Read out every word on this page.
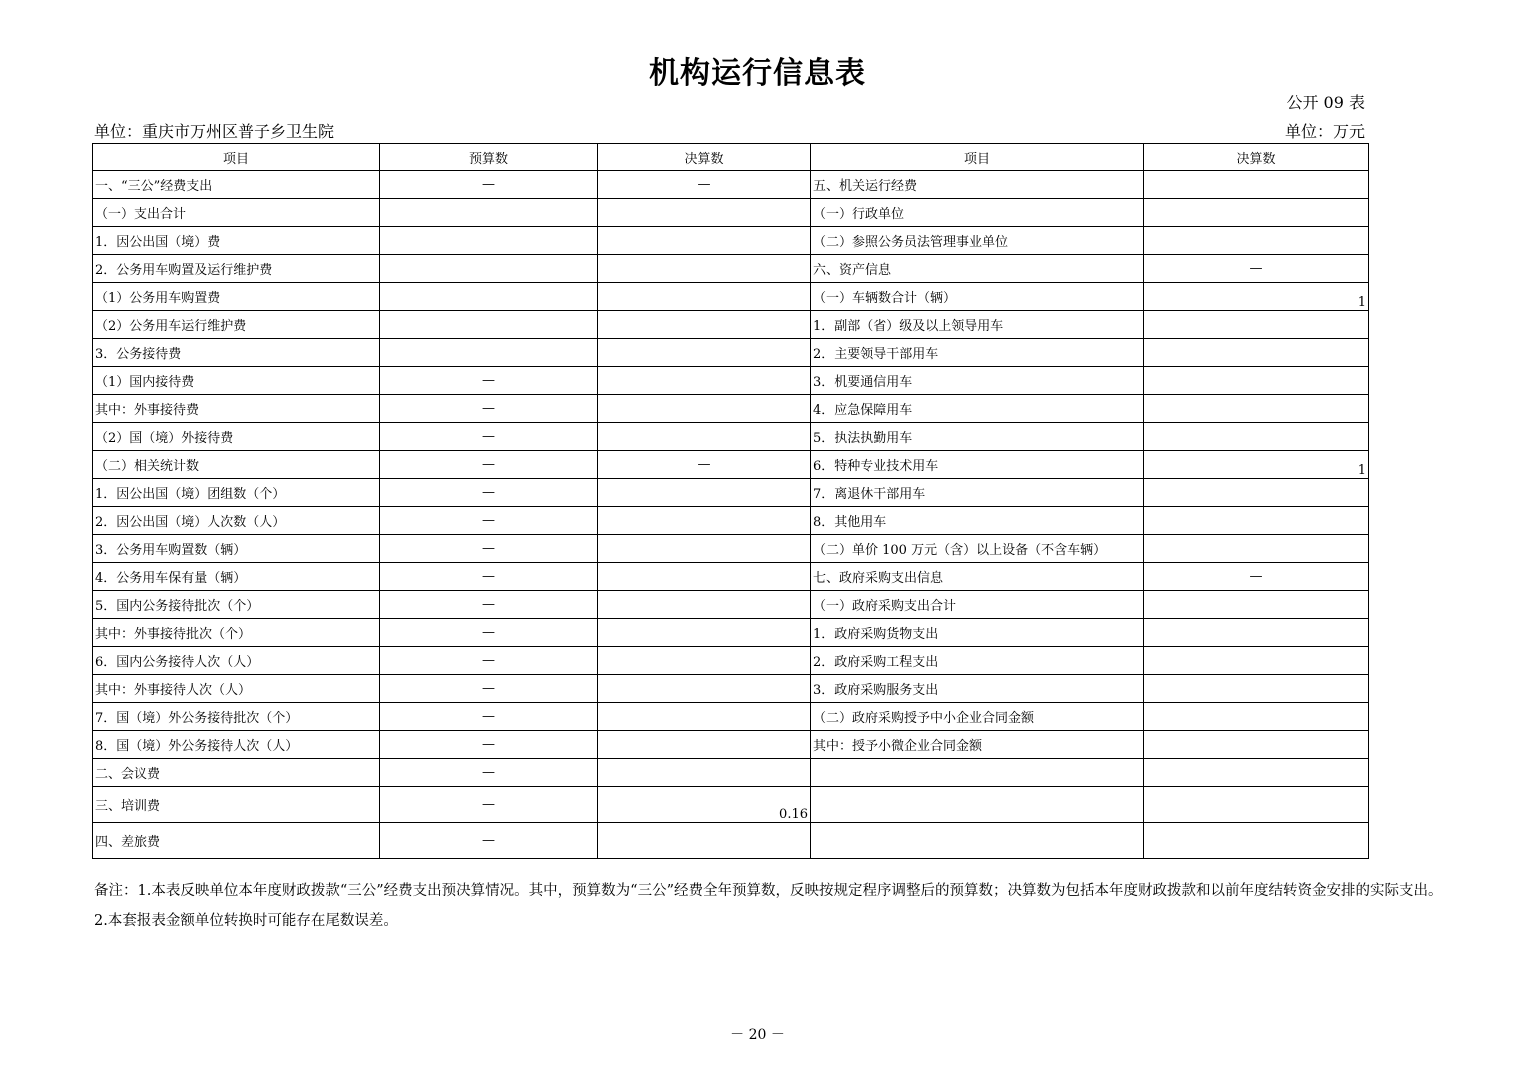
机构运行信息表
公开 09 表
单位：重庆市万州区普子乡卫生院	单位：万元
项目	预算数	决算数	项目	决算数
一、“三公”经费支出	—	—	五、机关运行经费	
（一）支出合计			（一）行政单位	
1．因公出国（境）费			（二）参照公务员法管理事业单位	
2．公务用车购置及运行维护费			六、资产信息	—
（1）公务用车购置费			（一）车辆数合计（辆）	1
（2）公务用车运行维护费			1．副部（省）级及以上领导用车	
3．公务接待费			2．主要领导干部用车	
（1）国内接待费	—		3．机要通信用车	
其中：外事接待费	—		4．应急保障用车	
（2）国（境）外接待费	—		5．执法执勤用车	
（二）相关统计数	—	—	6．特种专业技术用车	1
1．因公出国（境）团组数（个）	—		7．离退休干部用车	
2．因公出国（境）人次数（人）	—		8．其他用车	
3．公务用车购置数（辆）	—		（二）单价 100 万元（含）以上设备（不含车辆）	
4．公务用车保有量（辆）	—		七、政府采购支出信息	—
5．国内公务接待批次（个）	—		（一）政府采购支出合计	
其中：外事接待批次（个）	—		1．政府采购货物支出	
6．国内公务接待人次（人）	—		2．政府采购工程支出	
其中：外事接待人次（人）	—		3．政府采购服务支出	
7．国（境）外公务接待批次（个）	—		（二）政府采购授予中小企业合同金额	
8．国（境）外公务接待人次（人）	—		其中：授予小微企业合同金额	
二、会议费	—			
三、培训费	—	0.16		
四、差旅费	—			
备注：1.本表反映单位本年度财政拨款“三公”经费支出预决算情况。其中，预算数为“三公”经费全年预算数，反映按规定程序调整后的预算数；决算数为包括本年度财政拨款和以前年度结转资金安排的实际支出。
2.本套报表金额单位转换时可能存在尾数误差。
－ 20 －
